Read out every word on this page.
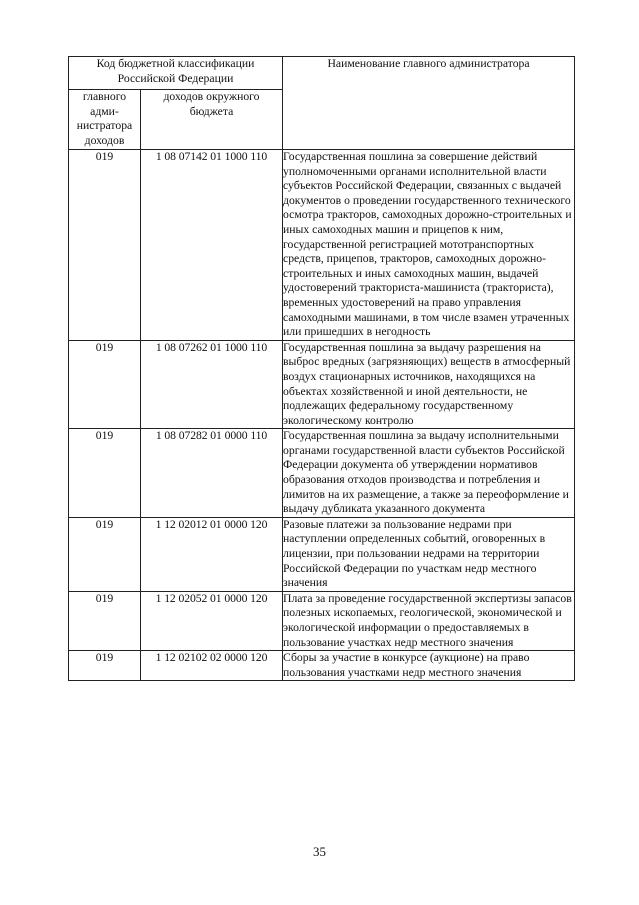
Код бюджетной классификации Российской Федерации		Наименование главного администратора
главного адми-нистратора доходов	доходов окружного бюджета	
019	1 08 07142 01 1000 110	Государственная пошлина за совершение действий уполномоченными органами исполнительной власти субъектов Российской Федерации, связанных с выдачей документов о проведении государственного технического осмотра тракторов, самоходных дорожно-строительных и иных самоходных машин и прицепов к ним, государственной регистрацией мототранспортных средств, прицепов, тракторов, самоходных дорожно-строительных и иных самоходных машин, выдачей удостоверений тракториста-машиниста (тракториста), временных удостоверений на право управления самоходными машинами, в том числе взамен утраченных или пришедших в негодность
019	1 08 07262 01 1000 110	Государственная пошлина за выдачу разрешения на выброс вредных (загрязняющих) веществ в атмосферный воздух стационарных источников, находящихся на объектах хозяйственной и иной деятельности, не подлежащих федеральному государственному экологическому контролю
019	1 08 07282 01 0000 110	Государственная пошлина за выдачу исполнительными органами государственной власти субъектов Российской Федерации документа об утверждении нормативов образования отходов производства и потребления и лимитов на их размещение, а также за переоформление и выдачу дубликата указанного документа
019	1 12 02012 01 0000 120	Разовые платежи за пользование недрами при наступлении определенных событий, оговоренных в лицензии, при пользовании недрами на территории Российской Федерации по участкам недр местного значения
019	1 12 02052 01 0000 120	Плата за проведение государственной экспертизы запасов полезных ископаемых, геологической, экономической и экологической информации о предоставляемых в пользование участках недр местного значения
019	1 12 02102 02 0000 120	Сборы за участие в конкурсе (аукционе) на право пользования участками недр местного значения
35
